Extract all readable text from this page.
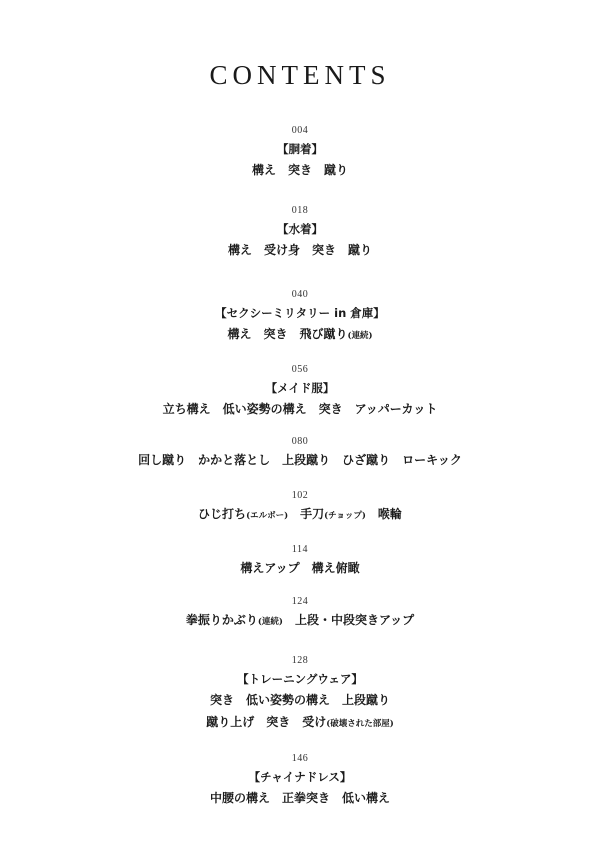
CONTENTS
004
【胴着】
構え 突き 蹴り
018
【水着】
構え 受け身 突き 蹴り
040
【セクシーミリタリー in 倉庫】
構え 突き 飛び蹴り(連続)
056
【メイド服】
立ち構え 低い姿勢の構え 突き アッパーカット
080
回し蹴り かかと落とし 上段蹴り ひざ蹴り ローキック
102
ひじ打ち(エルボー) 手刀(チョップ) 喉輪
114
構えアップ 構え俯瞰
124
拳振りかぶり(連続) 上段・中段突きアップ
128
【トレーニングウェア】
突き 低い姿勢の構え 上段蹴り
蹴り上げ 突き 受け(破壊された部屋)
146
【チャイナドレス】
中腰の構え 正拳突き 低い構え
